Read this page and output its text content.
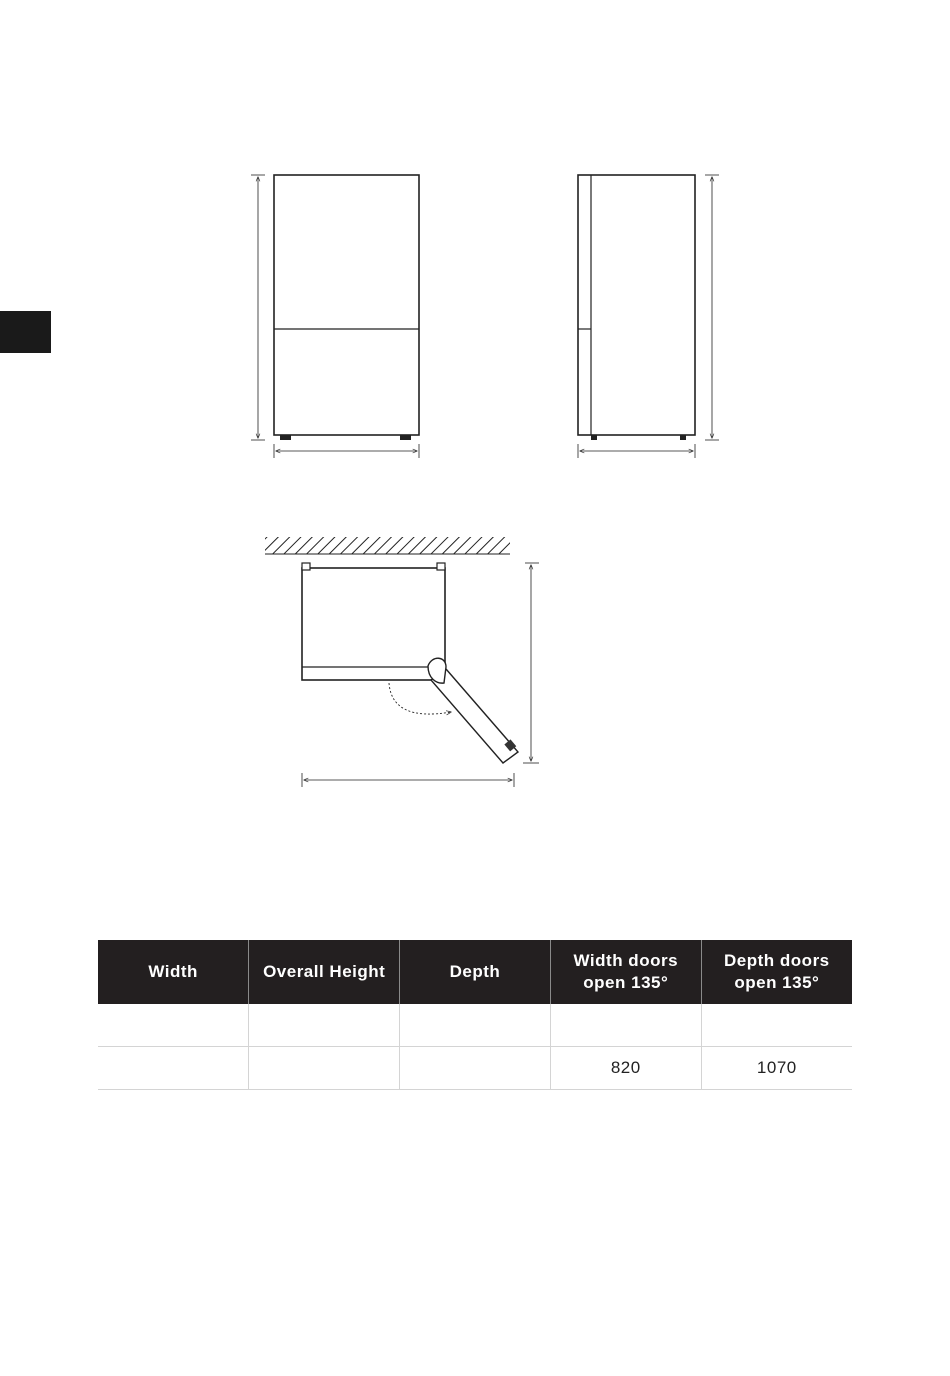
Width	Overall Height	Depth	Width doors open 135°	Depth doors open 135°

			820	1070
